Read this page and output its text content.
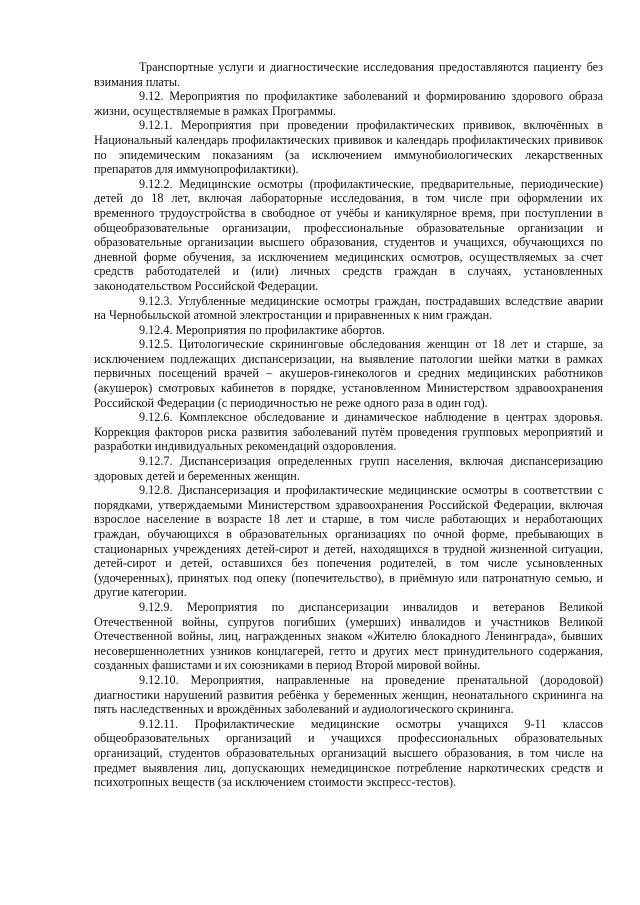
Транспортные услуги и диагностические исследования предоставляются пациенту без взимания платы.

9.12. Мероприятия по профилактике заболеваний и формированию здорового образа жизни, осуществляемые в рамках Программы.

9.12.1. Мероприятия при проведении профилактических прививок, включённых в Национальный календарь профилактических прививок и календарь профилактических прививок по эпидемическим показаниям (за исключением иммунобиологических лекарственных препаратов для иммунопрофилактики).

9.12.2. Медицинские осмотры (профилактические, предварительные, периодические) детей до 18 лет, включая лабораторные исследования, в том числе при оформлении их временного трудоустройства в свободное от учёбы и каникулярное время, при поступлении в общеобразовательные организации, профессиональные образовательные организации и образовательные организации высшего образования, студентов и учащихся, обучающихся по дневной форме обучения, за исключением медицинских осмотров, осуществляемых за счет средств работодателей и (или) личных средств граждан в случаях, установленных законодательством Российской Федерации.

9.12.3. Углубленные медицинские осмотры граждан, пострадавших вследствие аварии на Чернобыльской атомной электростанции и приравненных к ним граждан.

9.12.4. Мероприятия по профилактике абортов.

9.12.5. Цитологические скрининговые обследования женщин от 18 лет и старше, за исключением подлежащих диспансеризации, на выявление патологии шейки матки в рамках первичных посещений врачей – акушеров-гинекологов и средних медицинских работников (акушерок) смотровых кабинетов в порядке, установленном Министерством здравоохранения Российской Федерации (с периодичностью не реже одного раза в один год).

9.12.6. Комплексное обследование и динамическое наблюдение в центрах здоровья. Коррекция факторов риска развития заболеваний путём проведения групповых мероприятий и разработки индивидуальных рекомендаций оздоровления.

9.12.7. Диспансеризация определенных групп населения, включая диспансеризацию здоровых детей и беременных женщин.

9.12.8. Диспансеризация и профилактические медицинские осмотры в соответствии с порядками, утверждаемыми Министерством здравоохранения Российской Федерации, включая взрослое население в возрасте 18 лет и старше, в том числе работающих и неработающих граждан, обучающихся в образовательных организациях по очной форме, пребывающих в стационарных учреждениях детей-сирот и детей, находящихся в трудной жизненной ситуации, детей-сирот и детей, оставшихся без попечения родителей, в том числе усыновленных (удочеренных), принятых под опеку (попечительство), в приёмную или патронатную семью, и другие категории.

9.12.9. Мероприятия по диспансеризации инвалидов и ветеранов Великой Отечественной войны, супругов погибших (умерших) инвалидов и участников Великой Отечественной войны, лиц, награжденных знаком «Жителю блокадного Ленинграда», бывших несовершеннолетних узников концлагерей, гетто и других мест принудительного содержания, созданных фашистами и их союзниками в период Второй мировой войны.

9.12.10. Мероприятия, направленные на проведение пренатальной (дородовой) диагностики нарушений развития ребёнка у беременных женщин, неонатального скрининга на пять наследственных и врождённых заболеваний и аудиологического скрининга.

9.12.11. Профилактические медицинские осмотры учащихся 9-11 классов общеобразовательных организаций и учащихся профессиональных образовательных организаций, студентов образовательных организаций высшего образования, в том числе на предмет выявления лиц, допускающих немедицинское потребление наркотических средств и психотропных веществ (за исключением стоимости экспресс-тестов).
